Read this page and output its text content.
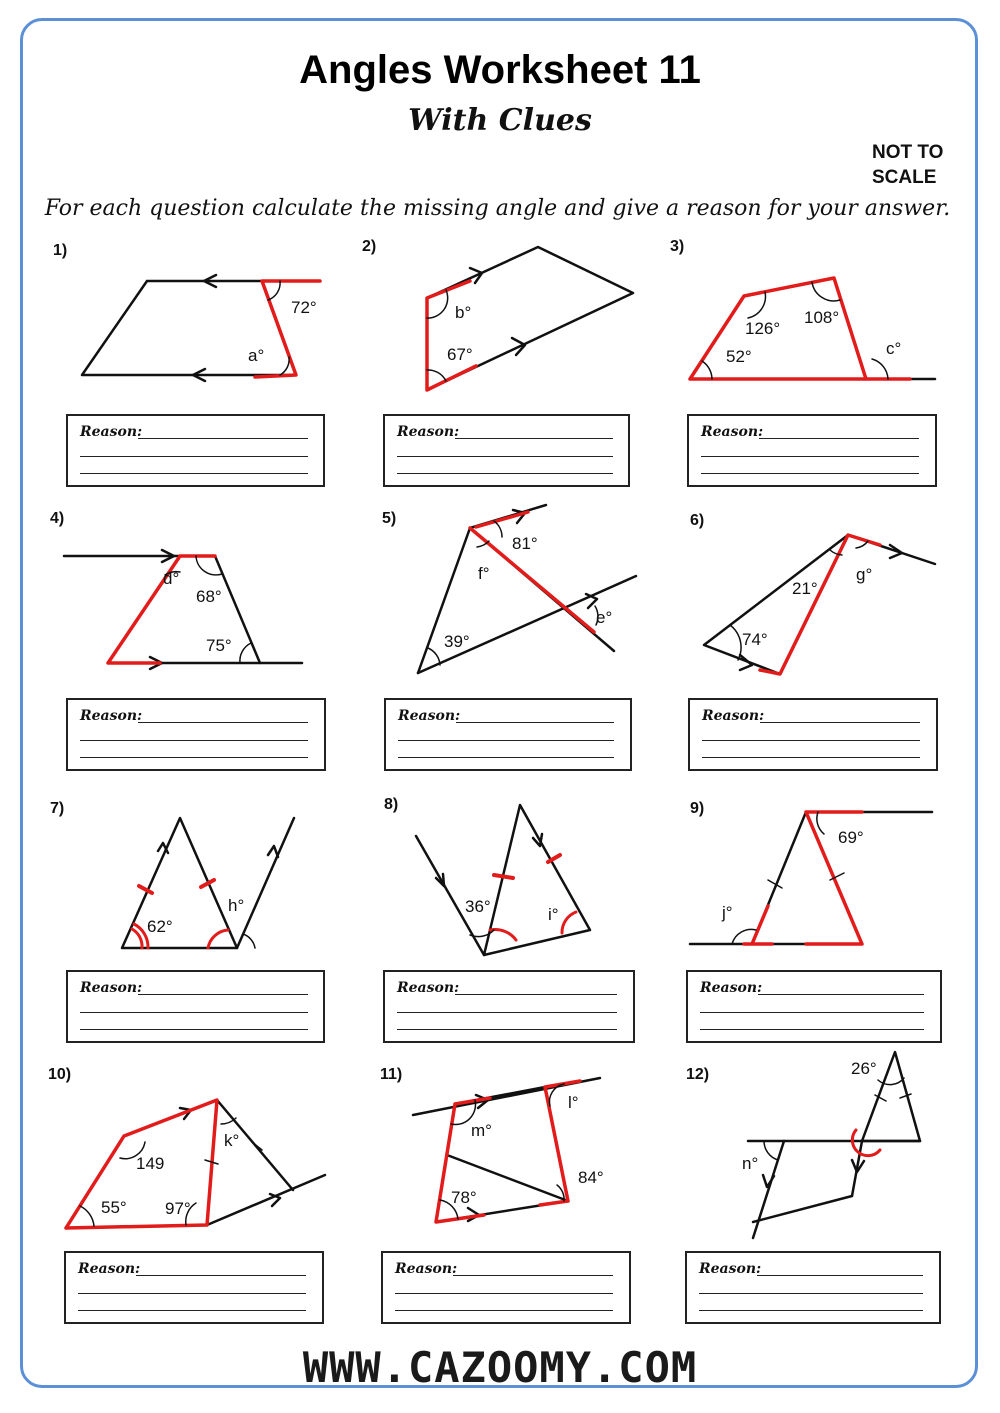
Angles Worksheet 11
With Clues
NOT TO
SCALE
For each question calculate the missing angle and give a reason for your answer.
1)	2)	3)
4)	5)	6)
7)	8)	9)
10)	11)	12)
72°
a°
b°
67°
126°
108°
52°	c°
d°
68°
75°
81°
f°
39°
e°
21°
g°
74°
62°
h°	36°	i°
69°
j°
149
k°
55° 97°
l°
m°
84°
78°
26°
n°
Reason:	Reason:	Reason:
Reason:	Reason:	Reason:
Reason:	Reason:	Reason:
Reason:	Reason:	Reason:
WWW.CAZOOMY.COM
